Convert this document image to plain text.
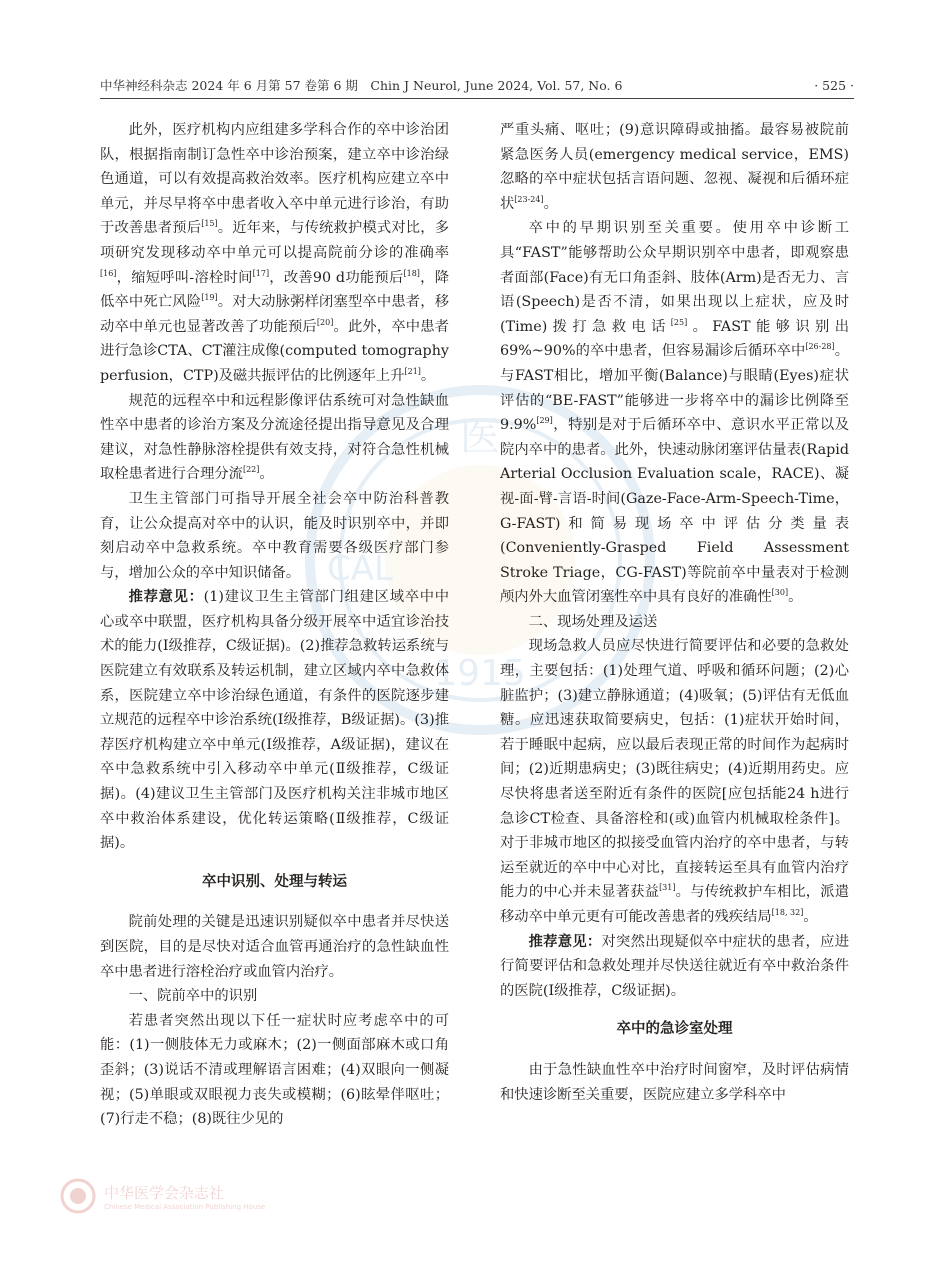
中华神经科杂志 2024 年 6 月第 57 卷第 6 期　Chin J Neurol, June 2024, Vol. 57, No. 6	· 525 ·
医
1915
CAL

此外，医疗机构内应组建多学科合作的卒中诊治团队，根据指南制订急性卒中诊治预案，建立卒中诊治绿色通道，可以有效提高救治效率。医疗机构应建立卒中单元，并尽早将卒中患者收入卒中单元进行诊治，有助于改善患者预后[15]。近年来，与传统救护模式对比，多项研究发现移动卒中单元可以提高院前分诊的准确率[16]，缩短呼叫-溶栓时间[17]，改善90 d功能预后[18]，降低卒中死亡风险[19]。对大动脉粥样闭塞型卒中患者，移动卒中单元也显著改善了功能预后[20]。此外，卒中患者进行急诊CTA、CT灌注成像(computed tomography perfusion，CTP)及磁共振评估的比例逐年上升[21]。

规范的远程卒中和远程影像评估系统可对急性缺血性卒中患者的诊治方案及分流途径提出指导意见及合理建议，对急性静脉溶栓提供有效支持，对符合急性机械取栓患者进行合理分流[22]。

卫生主管部门可指导开展全社会卒中防治科普教育，让公众提高对卒中的认识，能及时识别卒中，并即刻启动卒中急救系统。卒中教育需要各级医疗部门参与，增加公众的卒中知识储备。

推荐意见：(1)建议卫生主管部门组建区域卒中中心或卒中联盟，医疗机构具备分级开展卒中适宜诊治技术的能力(Ⅰ级推荐，C级证据)。(2)推荐急救转运系统与医院建立有效联系及转运机制，建立区域内卒中急救体系，医院建立卒中诊治绿色通道，有条件的医院逐步建立规范的远程卒中诊治系统(Ⅰ级推荐，B级证据)。(3)推荐医疗机构建立卒中单元(Ⅰ级推荐，A级证据)，建议在卒中急救系统中引入移动卒中单元(Ⅱ级推荐，C级证据)。(4)建议卫生主管部门及医疗机构关注非城市地区卒中救治体系建设，优化转运策略(Ⅱ级推荐，C级证据)。

卒中识别、处理与转运

院前处理的关键是迅速识别疑似卒中患者并尽快送到医院，目的是尽快对适合血管再通治疗的急性缺血性卒中患者进行溶栓治疗或血管内治疗。

一、院前卒中的识别

若患者突然出现以下任一症状时应考虑卒中的可能：(1)一侧肢体无力或麻木；(2)一侧面部麻木或口角歪斜；(3)说话不清或理解语言困难；(4)双眼向一侧凝视；(5)单眼或双眼视力丧失或模糊；(6)眩晕伴呕吐；(7)行走不稳；(8)既往少见的

严重头痛、呕吐；(9)意识障碍或抽搐。最容易被院前紧急医务人员(emergency medical service，EMS)忽略的卒中症状包括言语问题、忽视、凝视和后循环症状[23-24]。

卒中的早期识别至关重要。使用卒中诊断工具“FAST”能够帮助公众早期识别卒中患者，即观察患者面部(Face)有无口角歪斜、肢体(Arm)是否无力、言语(Speech)是否不清，如果出现以上症状，应及时(Time)拨打急救电话[25]。FAST能够识别出69%~90%的卒中患者，但容易漏诊后循环卒中[26-28]。与FAST相比，增加平衡(Balance)与眼睛(Eyes)症状评估的“BE-FAST”能够进一步将卒中的漏诊比例降至9.9%[29]，特别是对于后循环卒中、意识水平正常以及院内卒中的患者。此外，快速动脉闭塞评估量表(Rapid Arterial Occlusion Evaluation scale，RACE)、凝视-面-臂-言语-时间(Gaze-Face-Arm-Speech-Time，G-FAST)和简易现场卒中评估分类量表(Conveniently-Grasped Field Assessment Stroke Triage，CG-FAST)等院前卒中量表对于检测颅内外大血管闭塞性卒中具有良好的准确性[30]。

二、现场处理及运送

现场急救人员应尽快进行简要评估和必要的急救处理，主要包括：(1)处理气道、呼吸和循环问题；(2)心脏监护；(3)建立静脉通道；(4)吸氧；(5)评估有无低血糖。应迅速获取简要病史，包括：(1)症状开始时间，若于睡眠中起病，应以最后表现正常的时间作为起病时间；(2)近期患病史；(3)既往病史；(4)近期用药史。应尽快将患者送至附近有条件的医院[应包括能24 h进行急诊CT检查、具备溶栓和(或)血管内机械取栓条件]。对于非城市地区的拟接受血管内治疗的卒中患者，与转运至就近的卒中中心对比，直接转运至具有血管内治疗能力的中心并未显著获益[31]。与传统救护车相比，派遣移动卒中单元更有可能改善患者的残疾结局[18, 32]。

推荐意见：对突然出现疑似卒中症状的患者，应进行简要评估和急救处理并尽快送往就近有卒中救治条件的医院(Ⅰ级推荐，C级证据)。

卒中的急诊室处理

由于急性缺血性卒中治疗时间窗窄，及时评估病情和快速诊断至关重要，医院应建立多学科卒中

中华医学会杂志社
Chinese Medical Association Publishing House
